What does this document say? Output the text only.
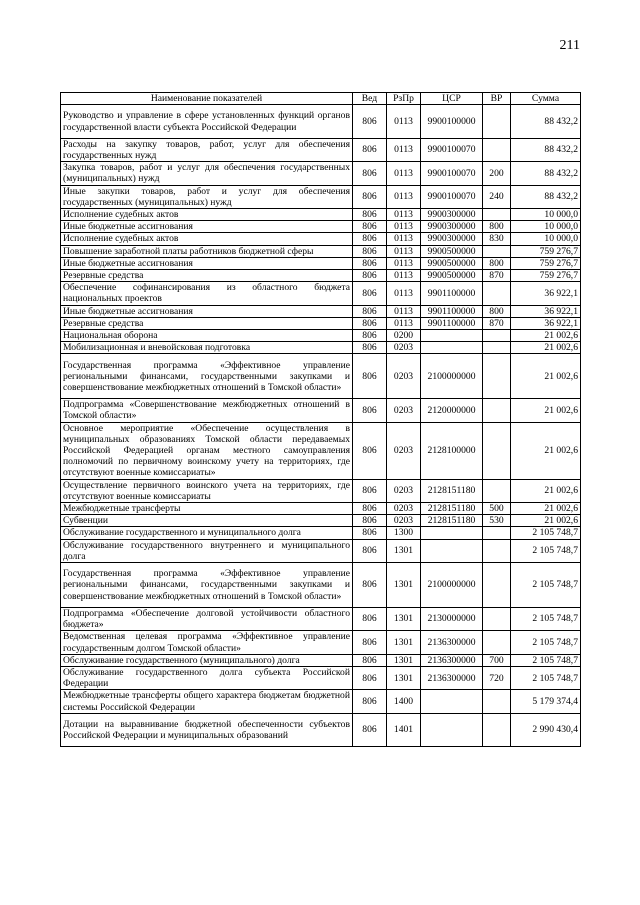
211
Наименование показателей	Вед	РзПр	ЦСР	ВР	Сумма
Руководство и управление в сфере установленных функций органов государственной власти субъекта Российской Федерации	806	0113	9900100000		88 432,2
Расходы на закупку товаров, работ, услуг для обеспечения государственных нужд	806	0113	9900100070		88 432,2
Закупка товаров, работ и услуг для обеспечения государственных (муниципальных) нужд	806	0113	9900100070	200	88 432,2
Иные закупки товаров, работ и услуг для обеспечения государственных (муниципальных) нужд	806	0113	9900100070	240	88 432,2
Исполнение судебных актов	806	0113	9900300000		10 000,0
Иные бюджетные ассигнования	806	0113	9900300000	800	10 000,0
Исполнение судебных актов	806	0113	9900300000	830	10 000,0
Повышение заработной платы работников бюджетной сферы	806	0113	9900500000		759 276,7
Иные бюджетные ассигнования	806	0113	9900500000	800	759 276,7
Резервные средства	806	0113	9900500000	870	759 276,7
Обеспечение софинансирования из областного бюджета национальных проектов	806	0113	9901100000		36 922,1
Иные бюджетные ассигнования	806	0113	9901100000	800	36 922,1
Резервные средства	806	0113	9901100000	870	36 922,1
Национальная оборона	806	0200			21 002,6
Мобилизационная и вневойсковая подготовка	806	0203			21 002,6
Государственная программа «Эффективное управление региональными финансами, государственными закупками и совершенствование межбюджетных отношений в Томской области»	806	0203	2100000000		21 002,6
Подпрограмма «Совершенствование межбюджетных отношений в Томской области»	806	0203	2120000000		21 002,6
Основное мероприятие «Обеспечение осуществления в муниципальных образованиях Томской области передаваемых Российской Федерацией органам местного самоуправления полномочий по первичному воинскому учету на территориях, где отсутствуют военные комиссариаты»	806	0203	2128100000		21 002,6
Осуществление первичного воинского учета на территориях, где отсутствуют военные комиссариаты	806	0203	2128151180		21 002,6
Межбюджетные трансферты	806	0203	2128151180	500	21 002,6
Субвенции	806	0203	2128151180	530	21 002,6
Обслуживание государственного и муниципального долга	806	1300			2 105 748,7
Обслуживание государственного внутреннего и муниципального долга	806	1301			2 105 748,7
Государственная программа «Эффективное управление региональными финансами, государственными закупками и совершенствование межбюджетных отношений в Томской области»	806	1301	2100000000		2 105 748,7
Подпрограмма «Обеспечение долговой устойчивости областного бюджета»	806	1301	2130000000		2 105 748,7
Ведомственная целевая программа «Эффективное управление государственным долгом Томской области»	806	1301	2136300000		2 105 748,7
Обслуживание государственного (муниципального) долга	806	1301	2136300000	700	2 105 748,7
Обслуживание государственного долга субъекта Российской Федерации	806	1301	2136300000	720	2 105 748,7
Межбюджетные трансферты общего характера бюджетам бюджетной системы Российской Федерации	806	1400			5 179 374,4
Дотации на выравнивание бюджетной обеспеченности субъектов Российской Федерации и муниципальных образований	806	1401			2 990 430,4
